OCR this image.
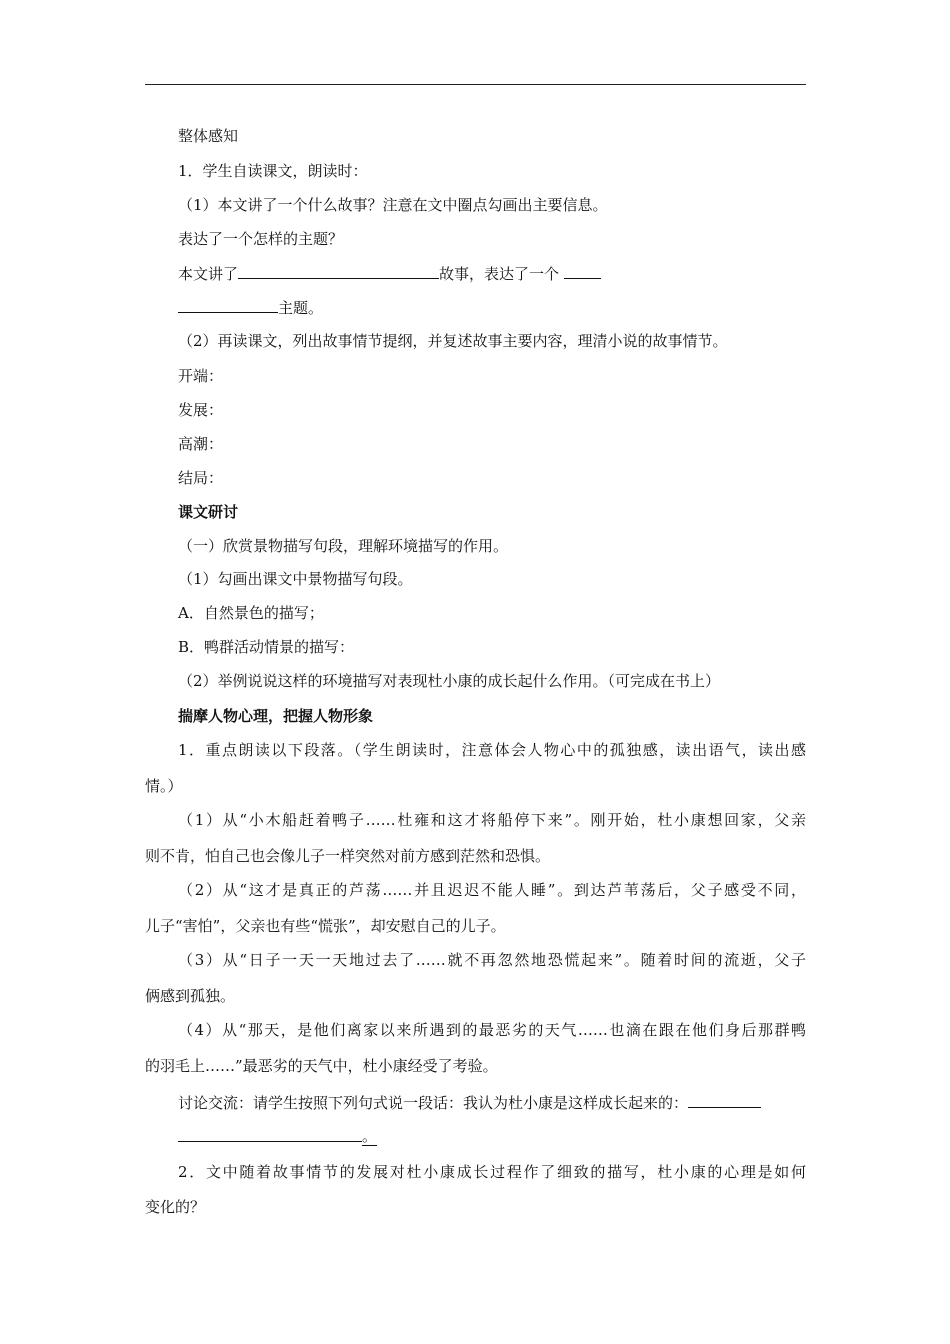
整体感知
1．学生自读课文，朗读时：
（1）本文讲了一个什么故事？注意在文中圈点勾画出主要信息。
表达了一个怎样的主题？
本文讲了	故事，表达了一个
主题。
（2）再读课文，列出故事情节提纲，并复述故事主要内容，理清小说的故事情节。
开端：
发展：
高潮：
结局：
课文研讨
（一）欣赏景物描写句段，理解环境描写的作用。
（1）勾画出课文中景物描写句段。
A．自然景色的描写；
B．鸭群活动情景的描写：
（2）举例说说这样的环境描写对表现杜小康的成长起什么作用。（可完成在书上）
揣摩人物心理，把握人物形象
1．重点朗读以下段落。（学生朗读时，注意体会人物心中的孤独感，读出语气，读出感
情。）
（1）从“小木船赶着鸭子……杜雍和这才将船停下来”。刚开始，杜小康想回家，父亲
则不肯，怕自己也会像儿子一样突然对前方感到茫然和恐惧。
（2）从“这才是真正的芦荡……并且迟迟不能人睡”。到达芦苇荡后，父子感受不同，
儿子“害怕”，父亲也有些“慌张”，却安慰自己的儿子。
（3）从“日子一天一天地过去了……就不再忽然地恐慌起来”。随着时间的流逝，父子
俩感到孤独。
（4）从“那天，是他们离家以来所遇到的最恶劣的天气……也滴在跟在他们身后那群鸭
的羽毛上……”最恶劣的天气中，杜小康经受了考验。
讨论交流：请学生按照下列句式说一段话：我认为杜小康是这样成长起来的：
。
2．文中随着故事情节的发展对杜小康成长过程作了细致的描写，杜小康的心理是如何
变化的？
